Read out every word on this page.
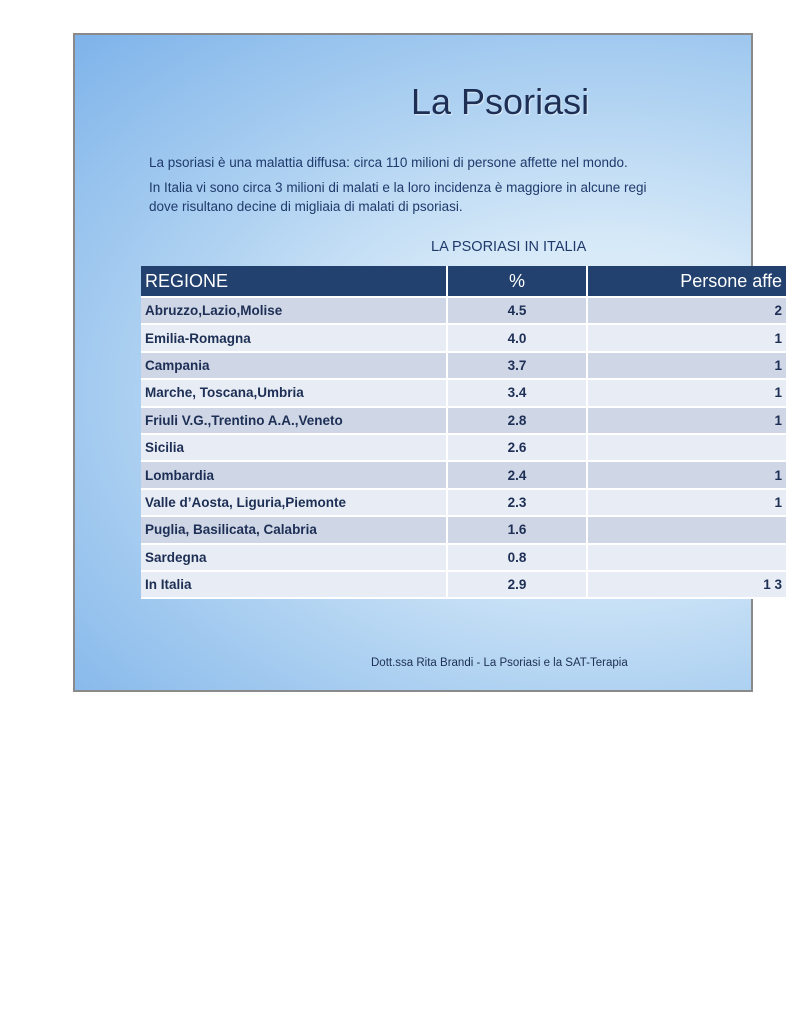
La Psoriasi

La psoriasi è una malattia diffusa: circa 110 milioni di persone affette nel mondo.

In Italia vi sono circa 3 milioni di malati e la loro incidenza è maggiore in alcune regi

dove risultano decine di migliaia di malati di psoriasi.

LA PSORIASI IN ITALIA
REGIONE	%	Persone affe
Abruzzo,Lazio,Molise	4.5	2
Emilia-Romagna	4.0	1
Campania	3.7	1
Marche, Toscana,Umbria	3.4	1
Friuli V.G.,Trentino A.A.,Veneto	2.8	1
Sicilia	2.6	
Lombardia	2.4	1
Valle d’Aosta, Liguria,Piemonte	2.3	1
Puglia, Basilicata, Calabria	1.6	
Sardegna	0.8	
In Italia	2.9	1 3
Dott.ssa Rita Brandi - La Psoriasi e la SAT-Terapia
